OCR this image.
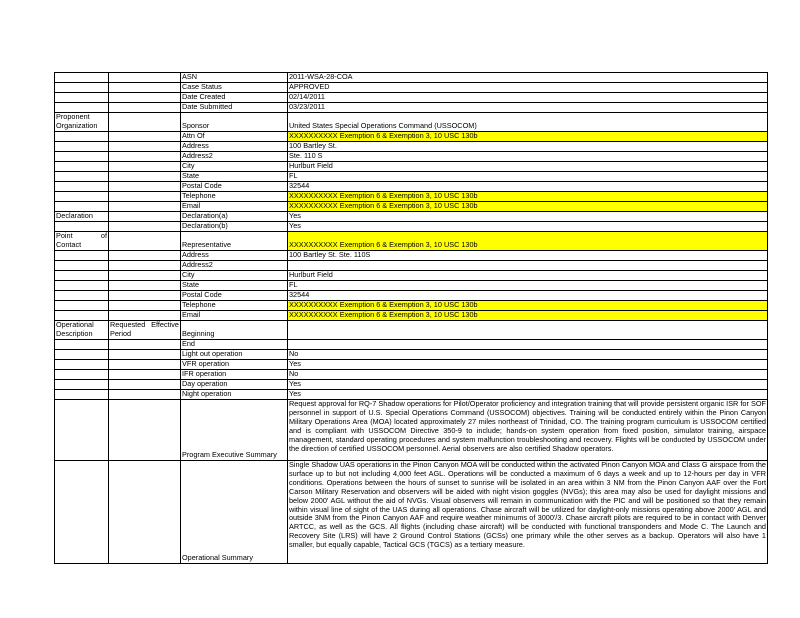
		ASN	2011-WSA-28-COA
		Case Status	APPROVED
		Date Created	02/14/2011
		Date Submitted	03/23/2011
Proponent Organization		Sponsor	United States Special Operations Command (USSOCOM)
		Attn Of	XXXXXXXXXX Exemption 6 & Exemption 3, 10 USC 130b
		Address	100 Bartley St.
		Address2	Ste. 110 S
		City	Hurlburt Field
		State	FL
		Postal Code	32544
		Telephone	XXXXXXXXXX Exemption 6 & Exemption 3, 10 USC 130b
		Email	XXXXXXXXXX Exemption 6 & Exemption 3, 10 USC 130b
Declaration		Declaration(a)	Yes
		Declaration(b)	Yes
Point of Contact		Representative	XXXXXXXXXX Exemption 6 & Exemption 3, 10 USC 130b
		Address	100 Bartley St. Ste. 110S
		Address2	
		City	Hurlburt Field
		State	FL
		Postal Code	32544
		Telephone	XXXXXXXXXX Exemption 6 & Exemption 3, 10 USC 130b
		Email	XXXXXXXXXX Exemption 6 & Exemption 3, 10 USC 130b
Operational Description	Requested Effective Period	Beginning	
		End	
		Light out operation	No
		VFR operation	Yes
		IFR operation	No
		Day operation	Yes
		Night operation	Yes
		Program Executive Summary	Request approval for RQ-7 Shadow operations for Pilot/Operator proficiency and integration training that will provide persistent organic ISR for SOF personnel in support of U.S. Special Operations Command (USSOCOM) objectives. Training will be conducted entirely within the Pinon Canyon Military Operations Area (MOA) located approximately 27 miles northeast of Trinidad, CO. The training program curriculum is USSOCOM certified and is compliant with USSOCOM Directive 350-9 to include; hands-on system operation from fixed position, simulator training, airspace management, standard operating procedures and system malfunction troubleshooting and recovery. Flights will be conducted by USSOCOM under the direction of certified USSOCOM personnel. Aerial observers are also certified Shadow operators.
		Operational Summary	Single Shadow UAS operations in the Pinon Canyon MOA will be conducted within the activated Pinon Canyon MOA and Class G airspace from the surface up to but not including 4,000 feet AGL. Operations will be conducted a maximum of 6 days a week and up to 12-hours per day in VFR conditions. Operations between the hours of sunset to sunrise will be isolated in an area within 3 NM from the Pinon Canyon AAF over the Fort Carson Military Reservation and observers will be aided with night vision goggles (NVGs); this area may also be used for daylight missions and below 2000' AGL without the aid of NVGs. Visual observers will remain in communication with the PIC and will be positioned so that they remain within visual line of sight of the UAS during all operations. Chase aircraft will be utilized for daylight-only missions operating above 2000' AGL and outside 3NM from the Pinon Canyon AAF and require weather minimums of 3000'/3. Chase aircraft pilots are required to be in contact with Denver ARTCC, as well as the GCS. All flights (including chase aircraft) will be conducted with functional transponders and Mode C. The Launch and Recovery Site (LRS) will have 2 Ground Control Stations (GCSs) one primary while the other serves as a backup. Operators will also have 1 smaller, but equally capable, Tactical GCS (TGCS) as a tertiary measure.
